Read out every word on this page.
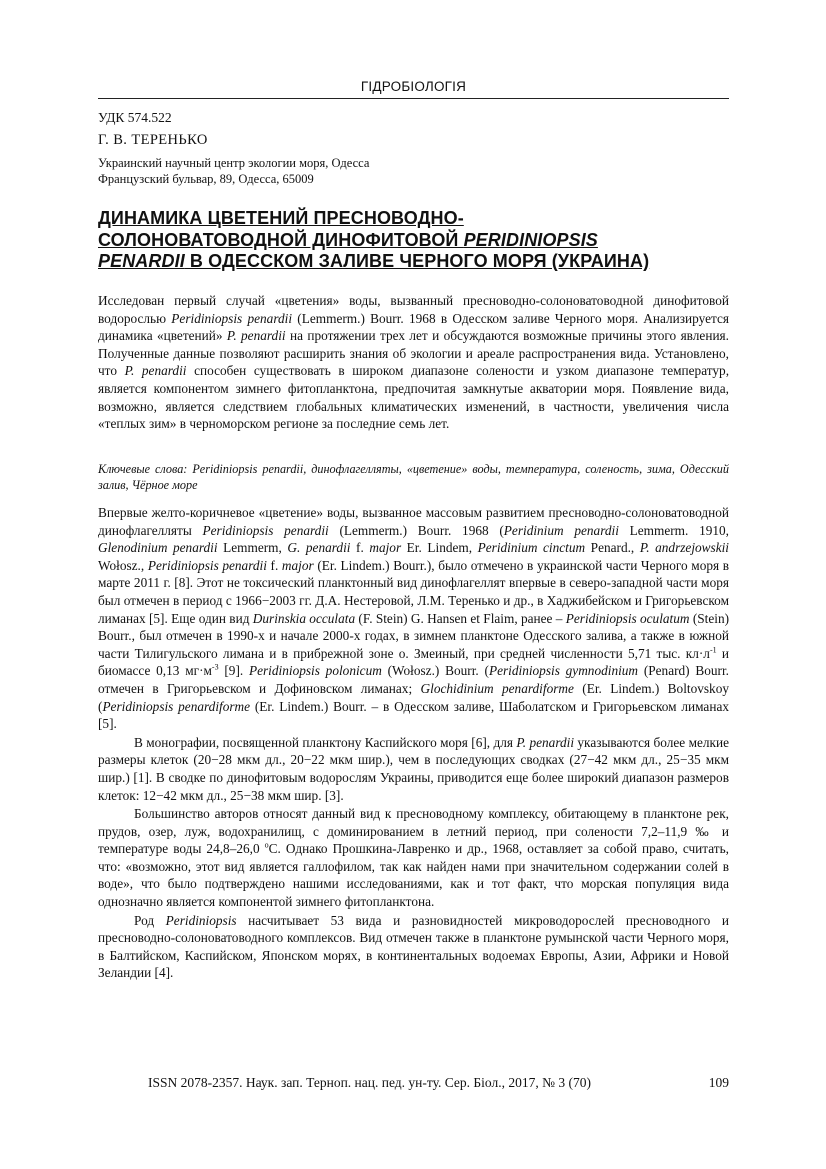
ГІДРОБІОЛОГІЯ
УДК 574.522
Г. В. ТЕРЕНЬКО
Украинский научный центр экологии моря, Одесса
Французский бульвар, 89, Одесса, 65009
ДИНАМИКА ЦВЕТЕНИЙ ПРЕСНОВОДНО-
СОЛОНОВАТОВОДНОЙ ДИНОФИТОВОЙ PERIDINIOPSIS
PENARDII В ОДЕССКОМ ЗАЛИВЕ ЧЕРНОГО МОРЯ (УКРАИНА)

Исследован первый случай «цветения» воды, вызванный пресноводно-солоноватоводной динофитовой водорослью Peridiniopsis penardii (Lemmerm.) Bourr. 1968 в Одесском заливе Черного моря. Анализируется динамика «цветений» P. penardii на протяжении трех лет и обсуждаются возможные причины этого явления. Полученные данные позволяют расширить знания об экологии и ареале распространения вида. Установлено, что P. penardii способен существовать в широком диапазоне солености и узком диапазоне температур, является компонентом зимнего фитопланктона, предпочитая замкнутые акватории моря. Появление вида, возможно, является следствием глобальных климатических изменений, в частности, увеличения числа «теплых зим» в черноморском регионе за последние семь лет.

Ключевые слова: Peridiniopsis penardii, динофлагелляты, «цветение» воды, температура, соленость, зима, Одесский залив, Чёрное море

Впервые желто-коричневое «цветение» воды, вызванное массовым развитием пресноводно-солоноватоводной динофлагелляты Peridiniopsis penardii (Lemmerm.) Bourr. 1968 (Peridinium penardii Lemmerm. 1910, Glenodinium penardii Lemmerm, G. penardii f. major Er. Lindem, Peridinium cinctum Penard., P. andrzejowskii Wołosz., Peridiniopsis penardii f. major (Er. Lindem.) Bourr.), было отмечено в украинской части Черного моря в марте 2011 г. [8]. Этот не токсический планктонный вид динофлагеллят впервые в северо-западной части моря был отмечен в период с 1966−2003 гг. Д.А. Нестеровой, Л.М. Теренько и др., в Хаджибейском и Григорьевском лиманах [5]. Еще один вид Durinskia occulata (F. Stein) G. Hansen et Flaim, ранее – Peridiniopsis oculatum (Stein) Bourr., был отмечен в 1990-х и начале 2000-х годах, в зимнем планктоне Одесского залива, а также в южной части Тилигульского лимана и в прибрежной зоне о. Змеиный, при средней численности 5,71 тыс. $кл\cdot л^{-1}$ и биомассе 0,13 $мг\cdot м^{-3}$ [9]. Peridiniopsis polonicum (Wołosz.) Bourr. (Peridiniopsis gymnodinium (Penard) Bourr. отмечен в Григорьевском и Дофиновском лиманах; Glochidinium penardiforme (Er. Lindem.) Boltovskoy (Peridiniopsis penardiforme (Er. Lindem.) Bourr. – в Одесском заливе, Шаболатском и Григорьевском лиманах [5].

В монографии, посвященной планктону Каспийского моря [6], для P. penardii указываются более мелкие размеры клеток (20−28 мкм дл., 20−22 мкм шир.), чем в последующих сводках (27−42 мкм дл., 25−35 мкм шир.) [1]. В сводке по динофитовым водорослям Украины, приводится еще более широкий диапазон размеров клеток: 12−42 мкм дл., 25−38 мкм шир. [3].

Большинство авторов относят данный вид к пресноводному комплексу, обитающему в планктоне рек, прудов, озер, луж, водохранилищ, с доминированием в летний период, при солености 7,2–11,9 ‰ и температуре воды 24,8–26,0 $^o$С. Однако Прошкина-Лавренко и др., 1968, оставляет за собой право, считать, что: «возможно, этот вид является галлофилом, так как найден нами при значительном содержании солей в воде», что было подтверждено нашими исследованиями, как и тот факт, что морская популяция вида однозначно является компонентой зимнего фитопланктона.

Род Peridiniopsis насчитывает 53 вида и разновидностей микроводорослей пресноводного и пресноводно-солоноватоводного комплексов. Вид отмечен также в планктоне румынской части Черного моря, в Балтийском, Каспийском, Японском морях, в континентальных водоемах Европы, Азии, Африки и Новой Зеландии [4].

ISSN 2078-2357. Наук. зап. Терноп. нац. пед. ун-ту. Сер. Біол., 2017, № 3 (70)	109
